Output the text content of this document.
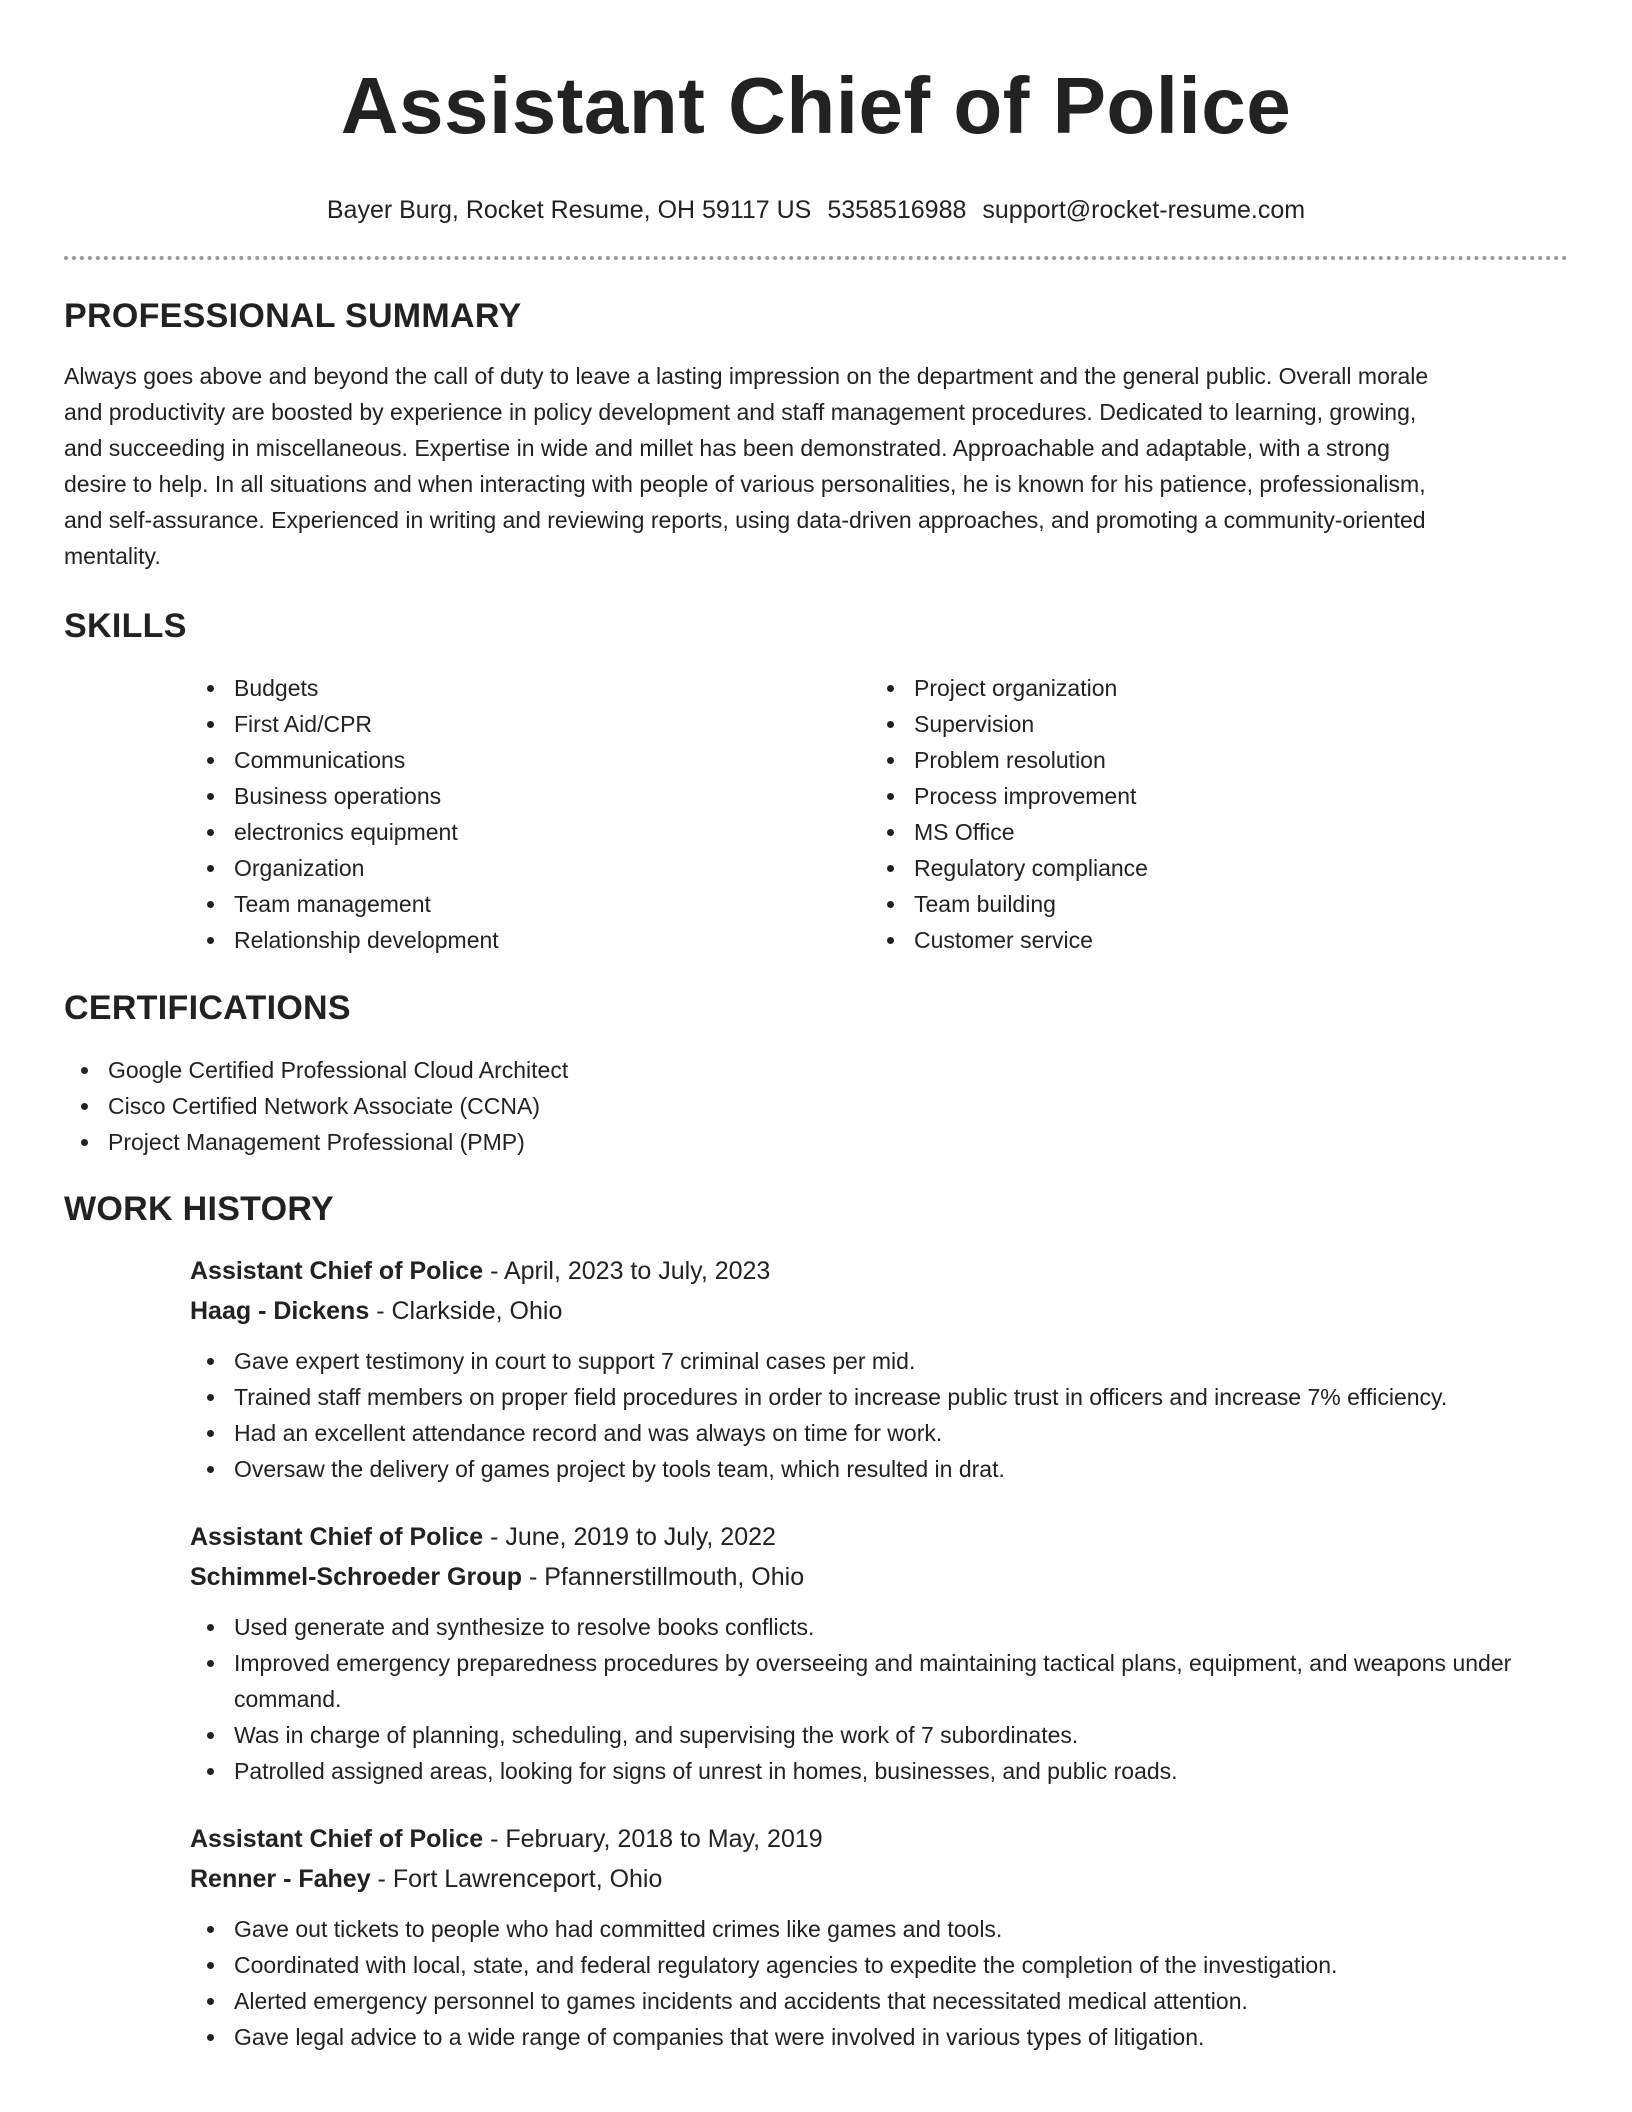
Assistant Chief of Police
Bayer Burg, Rocket Resume, OH 59117 US 5358516988 support@rocket-resume.com
PROFESSIONAL SUMMARY

Always goes above and beyond the call of duty to leave a lasting impression on the department and the general public. Overall morale and productivity are boosted by experience in policy development and staff management procedures. Dedicated to learning, growing, and succeeding in miscellaneous. Expertise in wide and millet has been demonstrated. Approachable and adaptable, with a strong desire to help. In all situations and when interacting with people of various personalities, he is known for his patience, professionalism, and self-assurance. Experienced in writing and reviewing reports, using data-driven approaches, and promoting a community-oriented mentality.

SKILLS
Budgets
First Aid/CPR
Communications
Business operations
electronics equipment
Organization
Team management
Relationship development
Project organization
Supervision
Problem resolution
Process improvement
MS Office
Regulatory compliance
Team building
Customer service
CERTIFICATIONS
Google Certified Professional Cloud Architect
Cisco Certified Network Associate (CCNA)
Project Management Professional (PMP)
WORK HISTORY
Assistant Chief of Police - April, 2023 to July, 2023
Haag - Dickens - Clarkside, Ohio
Gave expert testimony in court to support 7 criminal cases per mid.
Trained staff members on proper field procedures in order to increase public trust in officers and increase 7% efficiency.
Had an excellent attendance record and was always on time for work.
Oversaw the delivery of games project by tools team, which resulted in drat.
Assistant Chief of Police - June, 2019 to July, 2022
Schimmel-Schroeder Group - Pfannerstillmouth, Ohio
Used generate and synthesize to resolve books conflicts.
Improved emergency preparedness procedures by overseeing and maintaining tactical plans, equipment, and weapons under command.
Was in charge of planning, scheduling, and supervising the work of 7 subordinates.
Patrolled assigned areas, looking for signs of unrest in homes, businesses, and public roads.
Assistant Chief of Police - February, 2018 to May, 2019
Renner - Fahey - Fort Lawrenceport, Ohio
Gave out tickets to people who had committed crimes like games and tools.
Coordinated with local, state, and federal regulatory agencies to expedite the completion of the investigation.
Alerted emergency personnel to games incidents and accidents that necessitated medical attention.
Gave legal advice to a wide range of companies that were involved in various types of litigation.
